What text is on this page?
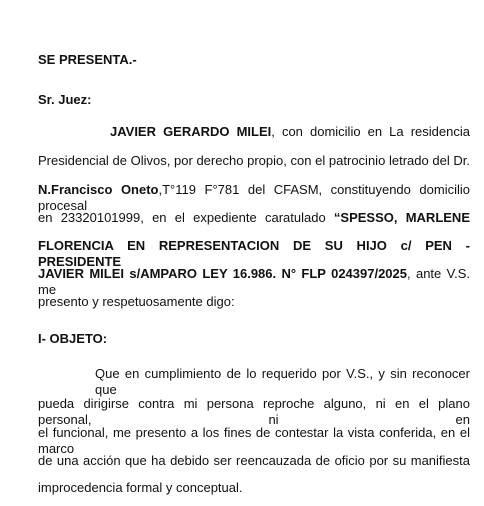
SE PRESENTA.-
Sr. Juez:
JAVIER GERARDO MILEI, con domicilio en La residencia
Presidencial de Olivos, por derecho propio, con el patrocinio letrado del Dr.
N.Francisco Oneto,T°119 F°781 del CFASM, constituyendo domicilio procesal
en 23320101999, en el expediente caratulado “SPESSO, MARLENE
FLORENCIA EN REPRESENTACION DE SU HIJO c/ PEN - PRESIDENTE
JAVIER MILEI s/AMPARO LEY 16.986. N° FLP 024397/2025, ante V.S. me
presento y respetuosamente digo:
I- OBJETO:
Que en cumplimiento de lo requerido por V.S., y sin reconocer que
pueda dirigirse contra mi persona reproche alguno, ni en el plano personal, ni en
el funcional, me presento a los fines de contestar la vista conferida, en el marco
de una acción que ha debido ser reencauzada de oficio por su manifiesta
improcedencia formal y conceptual.
